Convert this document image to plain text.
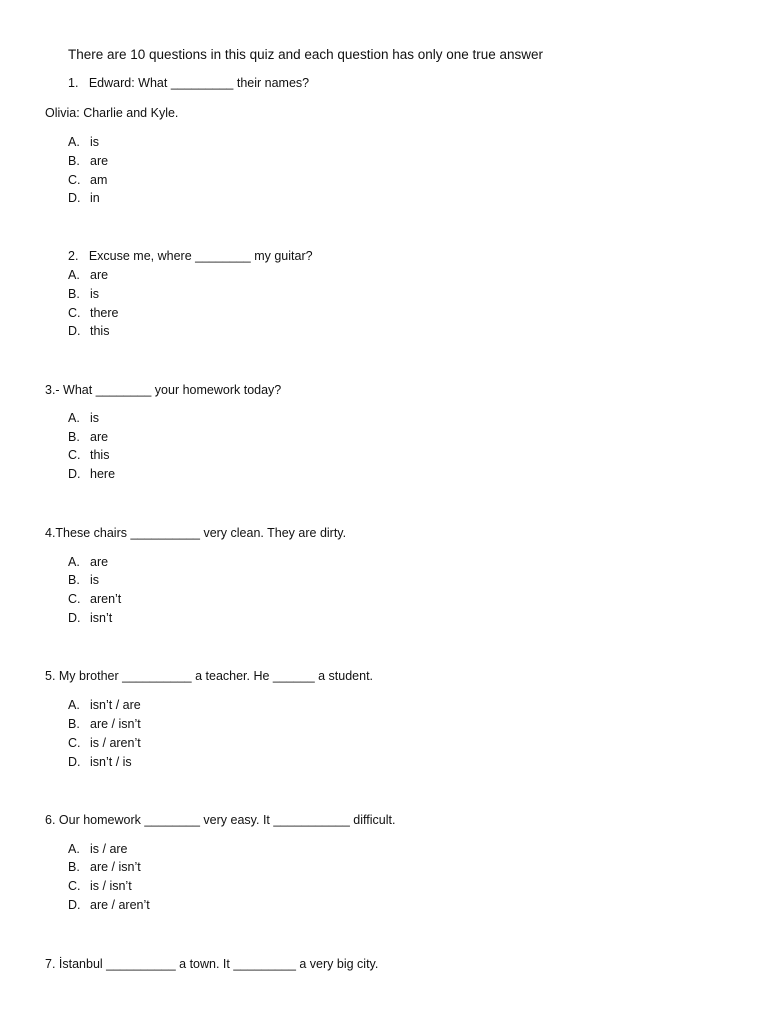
There are 10 questions in this quiz and each question has only one true answer
1.   Edward: What _________ their names?
Olivia: Charlie and Kyle.
A. is
B. are
C. am
D. in
2.   Excuse me, where ________ my guitar?
A. are
B. is
C. there
D. this
3.- What ________ your homework today?
A. is
B. are
C. this
D. here
4.These chairs __________ very clean. They are dirty.
A. are
B. is
C. aren’t
D. isn’t
5. My brother __________ a teacher. He ______ a student.
A. isn’t / are
B. are / isn’t
C. is / aren’t
D. isn’t / is
6. Our homework ________ very easy. It ___________ difficult.
A. is / are
B. are / isn’t
C. is / isn’t
D. are / aren’t
7. İstanbul __________ a town. It _________ a very big city.
